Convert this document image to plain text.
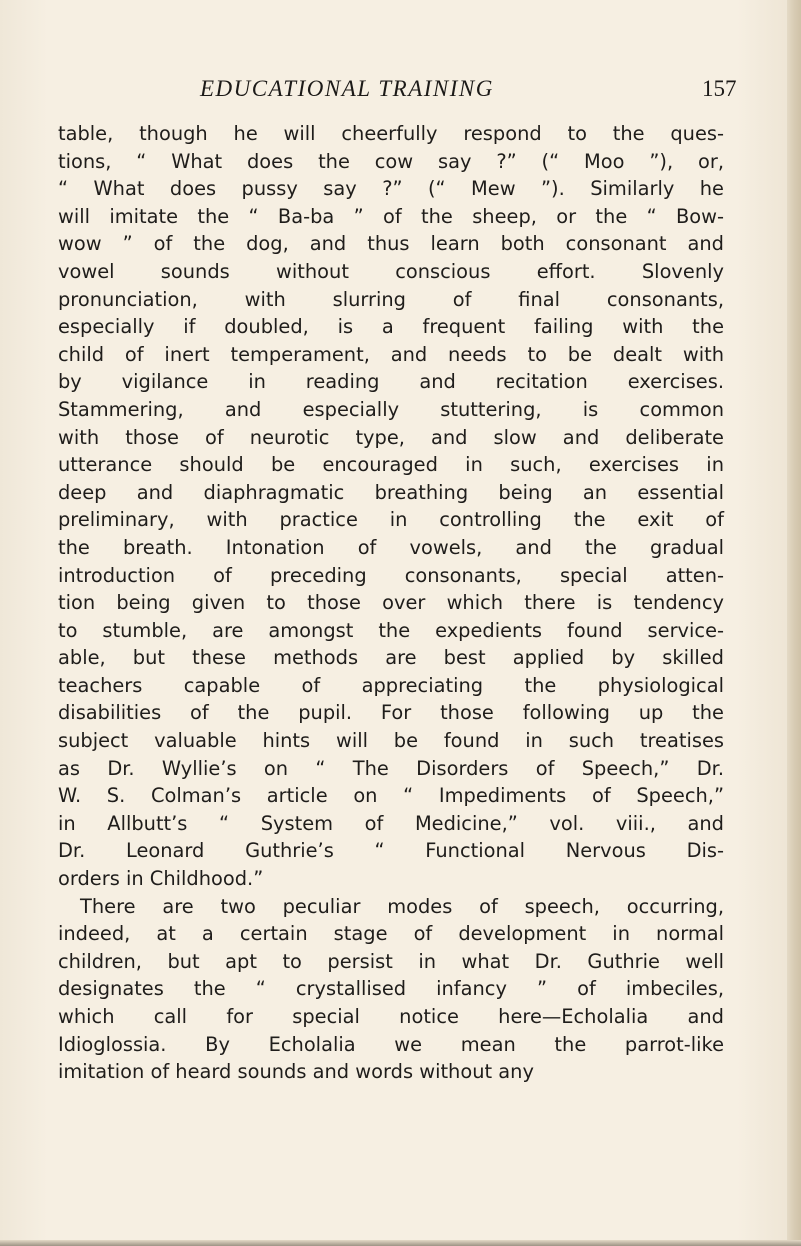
EDUCATIONAL TRAINING	157
table, though he will cheerfully respond to the ques-
tions, “ What does the cow say ?” (“ Moo ”), or,
“ What does pussy say ?” (“ Mew ”). Similarly he
will imitate the “ Ba-ba ” of the sheep, or the “ Bow-
wow ” of the dog, and thus learn both consonant and
vowel sounds without conscious effort. Slovenly
pronunciation, with slurring of final consonants,
especially if doubled, is a frequent failing with the
child of inert temperament, and needs to be dealt with
by vigilance in reading and recitation exercises.
Stammering, and especially stuttering, is common
with those of neurotic type, and slow and deliberate
utterance should be encouraged in such, exercises in
deep and diaphragmatic breathing being an essential
preliminary, with practice in controlling the exit of
the breath. Intonation of vowels, and the gradual
introduction of preceding consonants, special atten-
tion being given to those over which there is tendency
to stumble, are amongst the expedients found service-
able, but these methods are best applied by skilled
teachers capable of appreciating the physiological
disabilities of the pupil. For those following up the
subject valuable hints will be found in such treatises
as Dr. Wyllie’s on “ The Disorders of Speech,” Dr.
W. S. Colman’s article on “ Impediments of Speech,”
in Allbutt’s “ System of Medicine,” vol. viii., and
Dr. Leonard Guthrie’s “ Functional Nervous Dis-
orders in Childhood.”
There are two peculiar modes of speech, occurring,
indeed, at a certain stage of development in normal
children, but apt to persist in what Dr. Guthrie well
designates the “ crystallised infancy ” of imbeciles,
which call for special notice here—Echolalia and
Idioglossia. By Echolalia we mean the parrot-like
imitation of heard sounds and words without any
